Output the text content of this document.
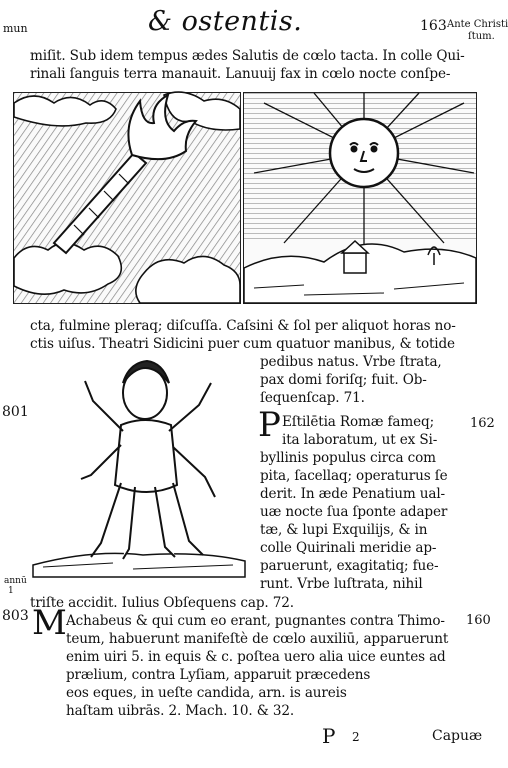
mun	& ostentis.	163 Ante Christi
ſtum.
miſit. Sub idem tempus ædes Salutis de cœlo tacta. In colle Qui-
rinali ſanguis terra manauit. Lanuuij fax in cœlo nocte conſpe-
cta, fulmine pleraq; diſcuſſa. Caſsini & ſol per aliquot horas no-
ctis uiſus. Theatri Sidicini puer cum quatuor manibus, & totide
pedibus natus. Vrbe ſtrata,
pax domi foriſq; fuit. Ob-
ſequenſcap. 71.
801
162
P Eſtilētia Romæ fameq;
ita laboratum, ut ex Si-
byllinis populus circa com
pita, ſacellaq; operaturus ſe
derit. In æde Penatium ual-
uæ nocte ſua ſponte adaper
tæ, & lupi Exquilijs, & in
colle Quirinali meridie ap-
paruerunt, exagitatiq; fue-
runt. Vrbe luſtrata, nihil
annū
1
triſte accidit. Iulius Obſequens cap. 72.
803 M Achabeus & qui cum eo erant, pugnantes contra Thimo- 160
teum, habuerunt manifeſtè de cœlo auxiliū, apparuerunt
enim uiri 5. in equis & c. poſtea uero alia uice euntes ad
prælium, contra Lyſiam, apparuit præcedens
eos eques, in ueſte candida, arn. is aureis
haſtam uibrās. 2. Mach. 10. & 32.
P 2	Capuæ
